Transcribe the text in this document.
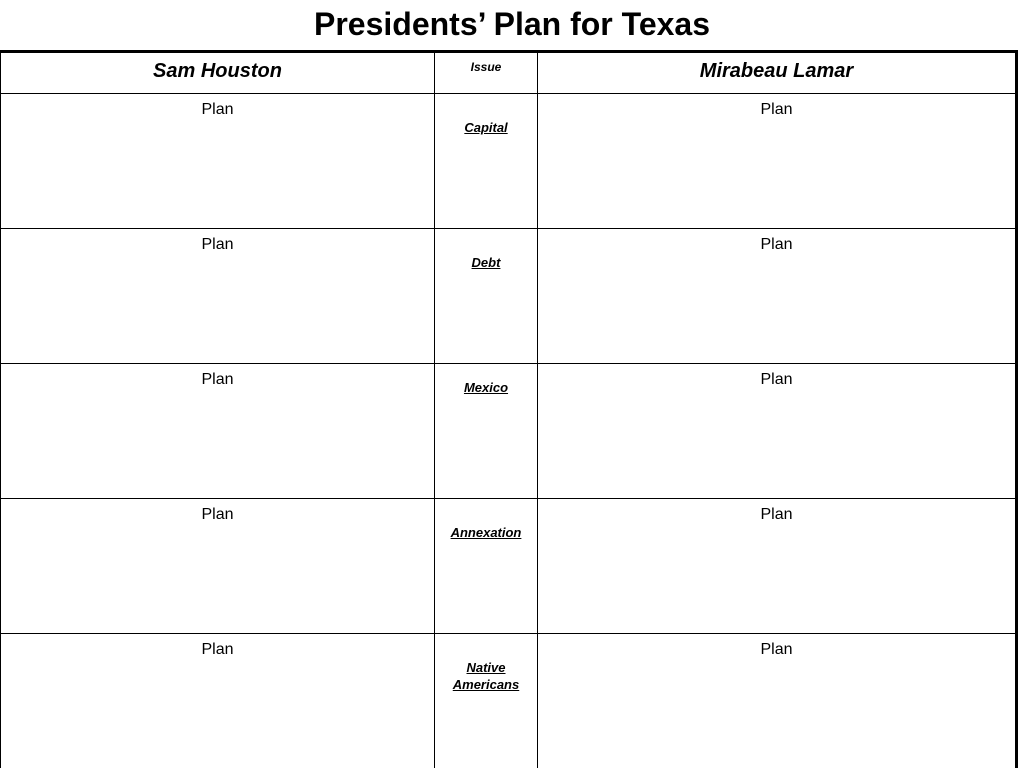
Presidents’ Plan for Texas
Sam Houston	Issue	Mirabeau Lamar

Plan	Capital	Plan

Plan	Debt	Plan

Plan	Mexico	Plan

Plan	Annexation	Plan

Plan	Native Americans	Plan
